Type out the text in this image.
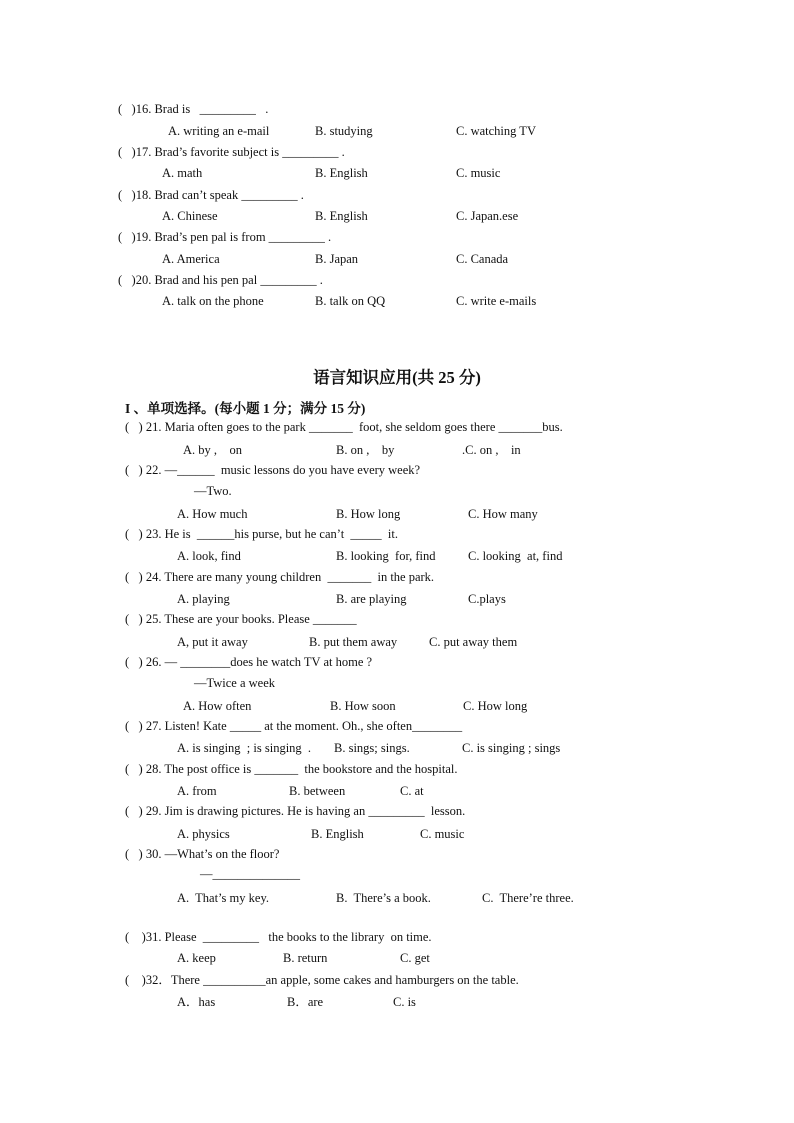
(   )16. Brad is   _________   .
A. writing an e-mail	B. studying	C. watching TV
(   )17. Brad’s favorite subject is _________ .
A. math	B. English	C. music
(   )18. Brad can’t speak _________ .
A. Chinese	B. English	C. Japan.ese
(   )19. Brad’s pen pal is from _________ .
A. America	B. Japan	C. Canada
(   )20. Brad and his pen pal _________ .
A. talk on the phone	B. talk on QQ	C. write e-mails
语言知识应用(共 25 分)
I 、单项选择。(每小题 1 分；满分 15 分)
(   ) 21. Maria often goes to the park _______  foot, she seldom goes there _______bus.
A. by ,    on	B. on ,    by	.C. on ,    in
(   ) 22. —______  music lessons do you have every week?
—Two.
A. How much	B. How long	C. How many
(   ) 23. He is  ______his purse, but he can’t  _____  it.
A. look, find	B. looking  for, find	C. looking  at, find
(   ) 24. There are many young children  _______  in the park.
A. playing	B. are playing	C.plays
(   ) 25. These are your books. Please _______
A, put it away	B. put them away	C. put away them
(   ) 26. — ________does he watch TV at home ?
—Twice a week
A. How often	B. How soon	C. How long
(   ) 27. Listen! Kate _____ at the moment. Oh., she often________
A. is singing  ; is singing  . B. sings; sings.	C. is singing ; sings
(   ) 28. The post office is _______  the bookstore and the hospital.
A. from	B. between	C. at
(   ) 29. Jim is drawing pictures. He is having an _________  lesson.
A. physics	B. English	C. music
(   ) 30. —What’s on the floor?
—______________
A.  That’s my key.	B.  There’s a book.	C.  There’re three.
(    )31. Please  _________   the books to the library  on time.
A. keep	B. return	C. get
(    )32．There __________an apple, some cakes and hamburgers on the table.
A．has	B．are	C. is
